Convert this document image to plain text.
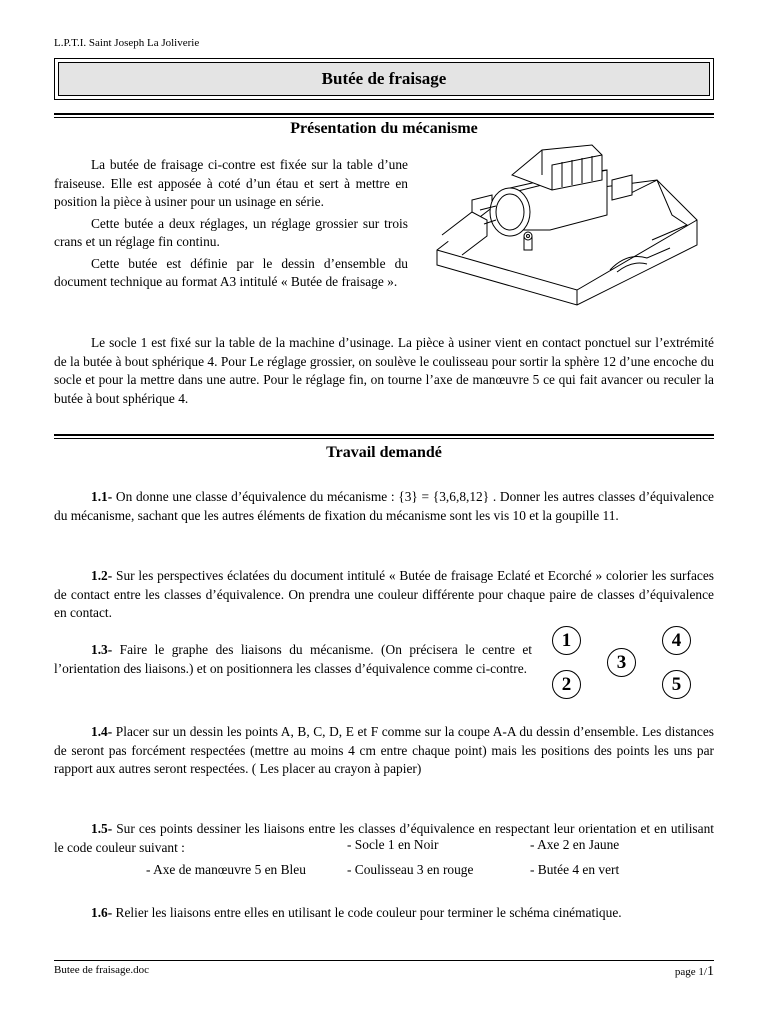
L.P.T.I. Saint Joseph La Joliverie
Butée de fraisage
Présentation du mécanisme

La butée de fraisage ci-contre est fixée sur la table d’une fraiseuse. Elle est apposée à coté d’un étau et sert à mettre en position la pièce à usiner pour un usinage en série.

Cette butée a deux réglages, un réglage grossier sur trois crans et un réglage fin continu.

Cette butée est définie par le dessin d’ensemble du document technique au format A3 intitulé « Butée de fraisage ».

Le socle 1 est fixé sur la table de la machine d’usinage. La pièce à usiner vient en contact ponctuel sur l’extrémité de la butée à bout sphérique 4. Pour Le réglage grossier, on soulève le coulisseau pour sortir la sphère 12 d’une encoche du socle et pour la mettre dans une autre. Pour le réglage fin, on tourne l’axe de manœuvre 5 ce qui fait avancer ou reculer la butée à bout sphérique 4.

Travail demandé

1.1- On donne une classe d’équivalence du mécanisme : {3} = {3,6,8,12} . Donner les autres classes d’équivalence du mécanisme, sachant que les autres éléments de fixation du mécanisme sont les vis 10 et la goupille 11.

1.2- Sur les perspectives éclatées du document intitulé « Butée de fraisage Eclaté et Ecorché » colorier les surfaces de contact entre les classes d’équivalence. On prendra une couleur différente pour chaque paire de classes d’équivalence en contact.

1.3- Faire le graphe des liaisons du mécanisme. (On précisera le centre et l’orientation des liaisons.) et on positionnera les classes d’équivalence comme ci-contre.

1
2
3
4
5

1.4- Placer sur un dessin les points A, B, C, D, E et F comme sur la coupe A-A du dessin d’ensemble. Les distances de seront pas forcément respectées (mettre au moins 4 cm entre chaque point) mais les positions des points les uns par rapport aux autres seront respectées. ( Les placer au crayon à papier)

1.5- Sur ces points dessiner les liaisons entre les classes d’équivalence en respectant leur orientation et en utilisant le code couleur suivant :	- Socle 1 en Noir	- Axe 2 en Jaune
- Axe de manœuvre 5 en Bleu	- Coulisseau 3 en rouge	- Butée 4 en vert

1.6- Relier les liaisons entre elles en utilisant le code couleur pour terminer le schéma cinématique.

Butee de fraisage.doc	page 1/1
